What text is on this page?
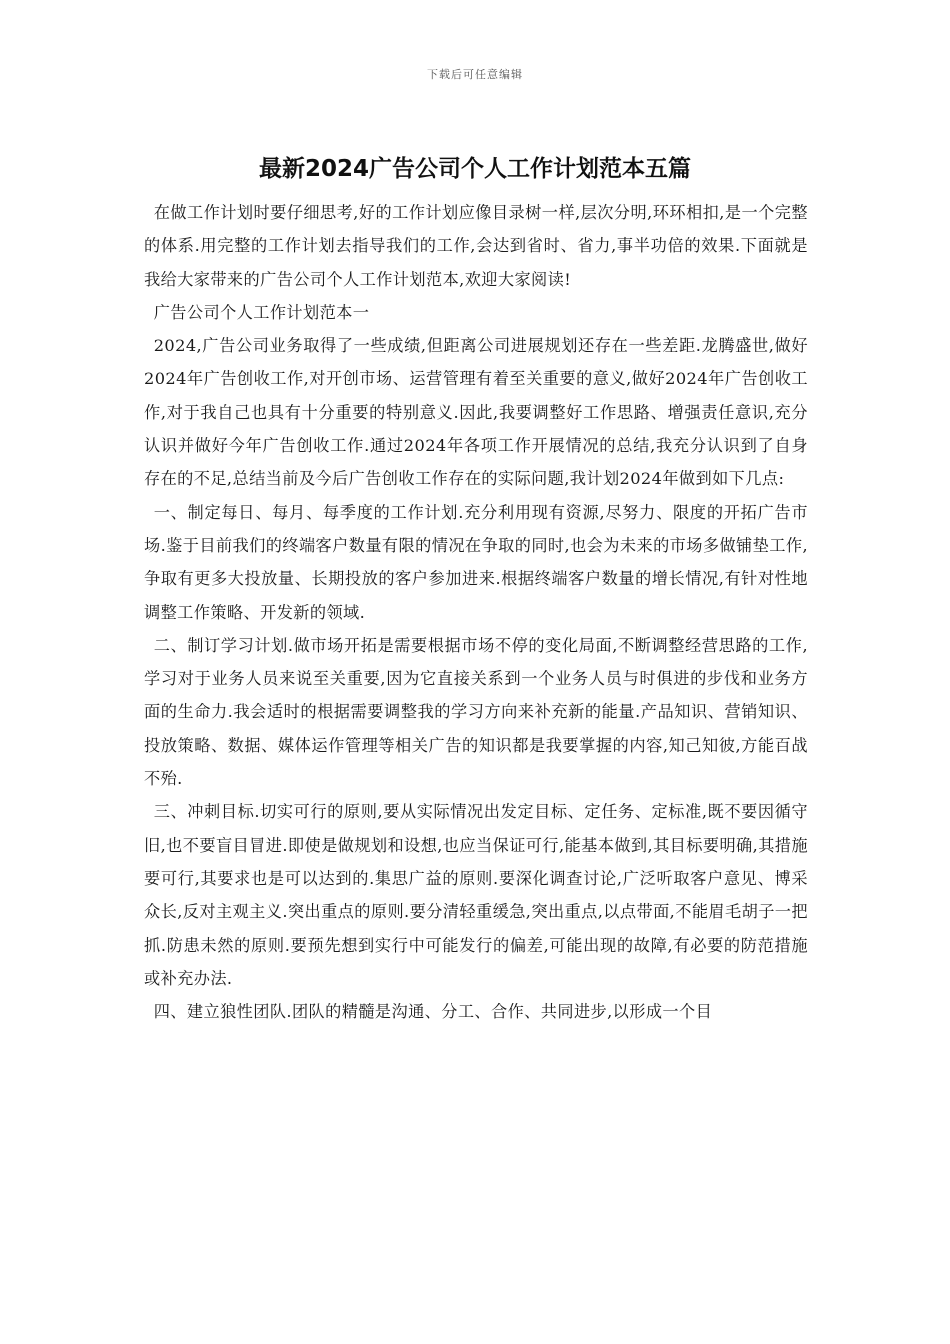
下载后可任意编辑
最新2024广告公司个人工作计划范本五篇

在做工作计划时要仔细思考,好的工作计划应像目录树一样,层次分明,环环相扣,是一个完整的体系.用完整的工作计划去指导我们的工作,会达到省时、省力,事半功倍的效果.下面就是我给大家带来的广告公司个人工作计划范本,欢迎大家阅读!

广告公司个人工作计划范本一

2024,广告公司业务取得了一些成绩,但距离公司进展规划还存在一些差距.龙腾盛世,做好2024年广告创收工作,对开创市场、运营管理有着至关重要的意义,做好2024年广告创收工作,对于我自己也具有十分重要的特别意义.因此,我要调整好工作思路、增强责任意识,充分认识并做好今年广告创收工作.通过2024年各项工作开展情况的总结,我充分认识到了自身存在的不足,总结当前及今后广告创收工作存在的实际问题,我计划2024年做到如下几点:

一、制定每日、每月、每季度的工作计划.充分利用现有资源,尽努力、限度的开拓广告市场.鉴于目前我们的终端客户数量有限的情况在争取的同时,也会为未来的市场多做铺垫工作,争取有更多大投放量、长期投放的客户参加进来.根据终端客户数量的增长情况,有针对性地调整工作策略、开发新的领域.

二、制订学习计划.做市场开拓是需要根据市场不停的变化局面,不断调整经营思路的工作,学习对于业务人员来说至关重要,因为它直接关系到一个业务人员与时俱进的步伐和业务方面的生命力.我会适时的根据需要调整我的学习方向来补充新的能量.产品知识、营销知识、投放策略、数据、媒体运作管理等相关广告的知识都是我要掌握的内容,知己知彼,方能百战不殆.

三、冲刺目标.切实可行的原则,要从实际情况出发定目标、定任务、定标准,既不要因循守旧,也不要盲目冒进.即使是做规划和设想,也应当保证可行,能基本做到,其目标要明确,其措施要可行,其要求也是可以达到的.集思广益的原则.要深化调查讨论,广泛听取客户意见、博采众长,反对主观主义.突出重点的原则.要分清轻重缓急,突出重点,以点带面,不能眉毛胡子一把抓.防患未然的原则.要预先想到实行中可能发行的偏差,可能出现的故障,有必要的防范措施或补充办法.

四、建立狼性团队.团队的精髓是沟通、分工、合作、共同进步,以形成一个目
